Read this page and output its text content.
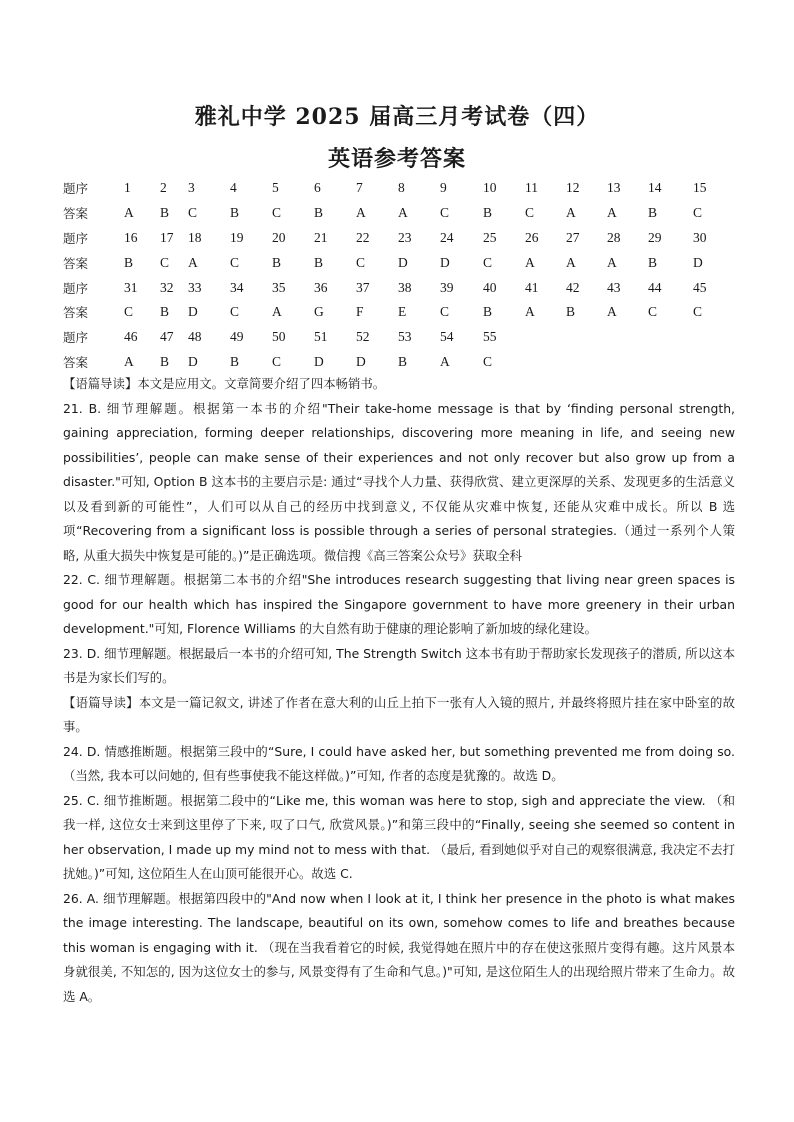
雅礼中学 2025 届高三月考试卷（四）
英语参考答案
题序	1	2	3	4	5	6	7	8	9	10	11	12	13	14	15
答案	A	B	C	B	C	B	A	A	C	B	C	A	A	B	C
题序	16	17	18	19	20	21	22	23	24	25	26	27	28	29	30
答案	B	C	A	C	B	B	C	D	D	C	A	A	A	B	D
题序	31	32	33	34	35	36	37	38	39	40	41	42	43	44	45
答案	C	B	D	C	A	G	F	E	C	B	A	B	A	C	C
题序	46	47	48	49	50	51	52	53	54	55
答案	A	B	D	B	C	D	D	B	A	C

【语篇导读】本文是应用文。文章简要介绍了四本畅销书。

21. B. 细节理解题。根据第一本书的介绍"Their take-home message is that by ‘finding personal strength, gaining appreciation, forming deeper relationships, discovering more meaning in life, and seeing new possibilities’, people can make sense of their experiences and not only recover but also grow up from a disaster."可知, Option B 这本书的主要启示是: 通过“寻找个人力量、获得欣赏、建立更深厚的关系、发现更多的生活意义以及看到新的可能性”，人们可以从自己的经历中找到意义, 不仅能从灾难中恢复, 还能从灾难中成长。所以 B 选项“Recovering from a significant loss is possible through a series of personal strategies.（通过一系列个人策略, 从重大损失中恢复是可能的。)”是正确选项。微信搜《高三答案公众号》获取全科

22. C. 细节理解题。根据第二本书的介绍"She introduces research suggesting that living near green spaces is good for our health which has inspired the Singapore government to have more greenery in their urban development."可知, Florence Williams 的大自然有助于健康的理论影响了新加坡的绿化建设。

23. D. 细节理解题。根据最后一本书的介绍可知, The Strength Switch 这本书有助于帮助家长发现孩子的潜质, 所以这本书是为家长们写的。

【语篇导读】本文是一篇记叙文, 讲述了作者在意大利的山丘上拍下一张有人入镜的照片, 并最终将照片挂在家中卧室的故事。

24. D. 情感推断题。根据第三段中的“Sure, I could have asked her, but something prevented me from doing so.（当然, 我本可以问她的, 但有些事使我不能这样做。)”可知, 作者的态度是犹豫的。故选 D。

25. C. 细节推断题。根据第二段中的“Like me, this woman was here to stop, sigh and appreciate the view. （和我一样, 这位女士来到这里停了下来, 叹了口气, 欣赏风景。)”和第三段中的“Finally, seeing she seemed so content in her observation, I made up my mind not to mess with that. （最后, 看到她似乎对自己的观察很满意, 我决定不去打扰她。)”可知, 这位陌生人在山顶可能很开心。故选 C.

26. A. 细节理解题。根据第四段中的"And now when I look at it, I think her presence in the photo is what makes the image interesting. The landscape, beautiful on its own, somehow comes to life and breathes because this woman is engaging with it. （现在当我看着它的时候, 我觉得她在照片中的存在使这张照片变得有趣。这片风景本身就很美, 不知怎的, 因为这位女士的参与, 风景变得有了生命和气息。)"可知, 是这位陌生人的出现给照片带来了生命力。故选 A。
